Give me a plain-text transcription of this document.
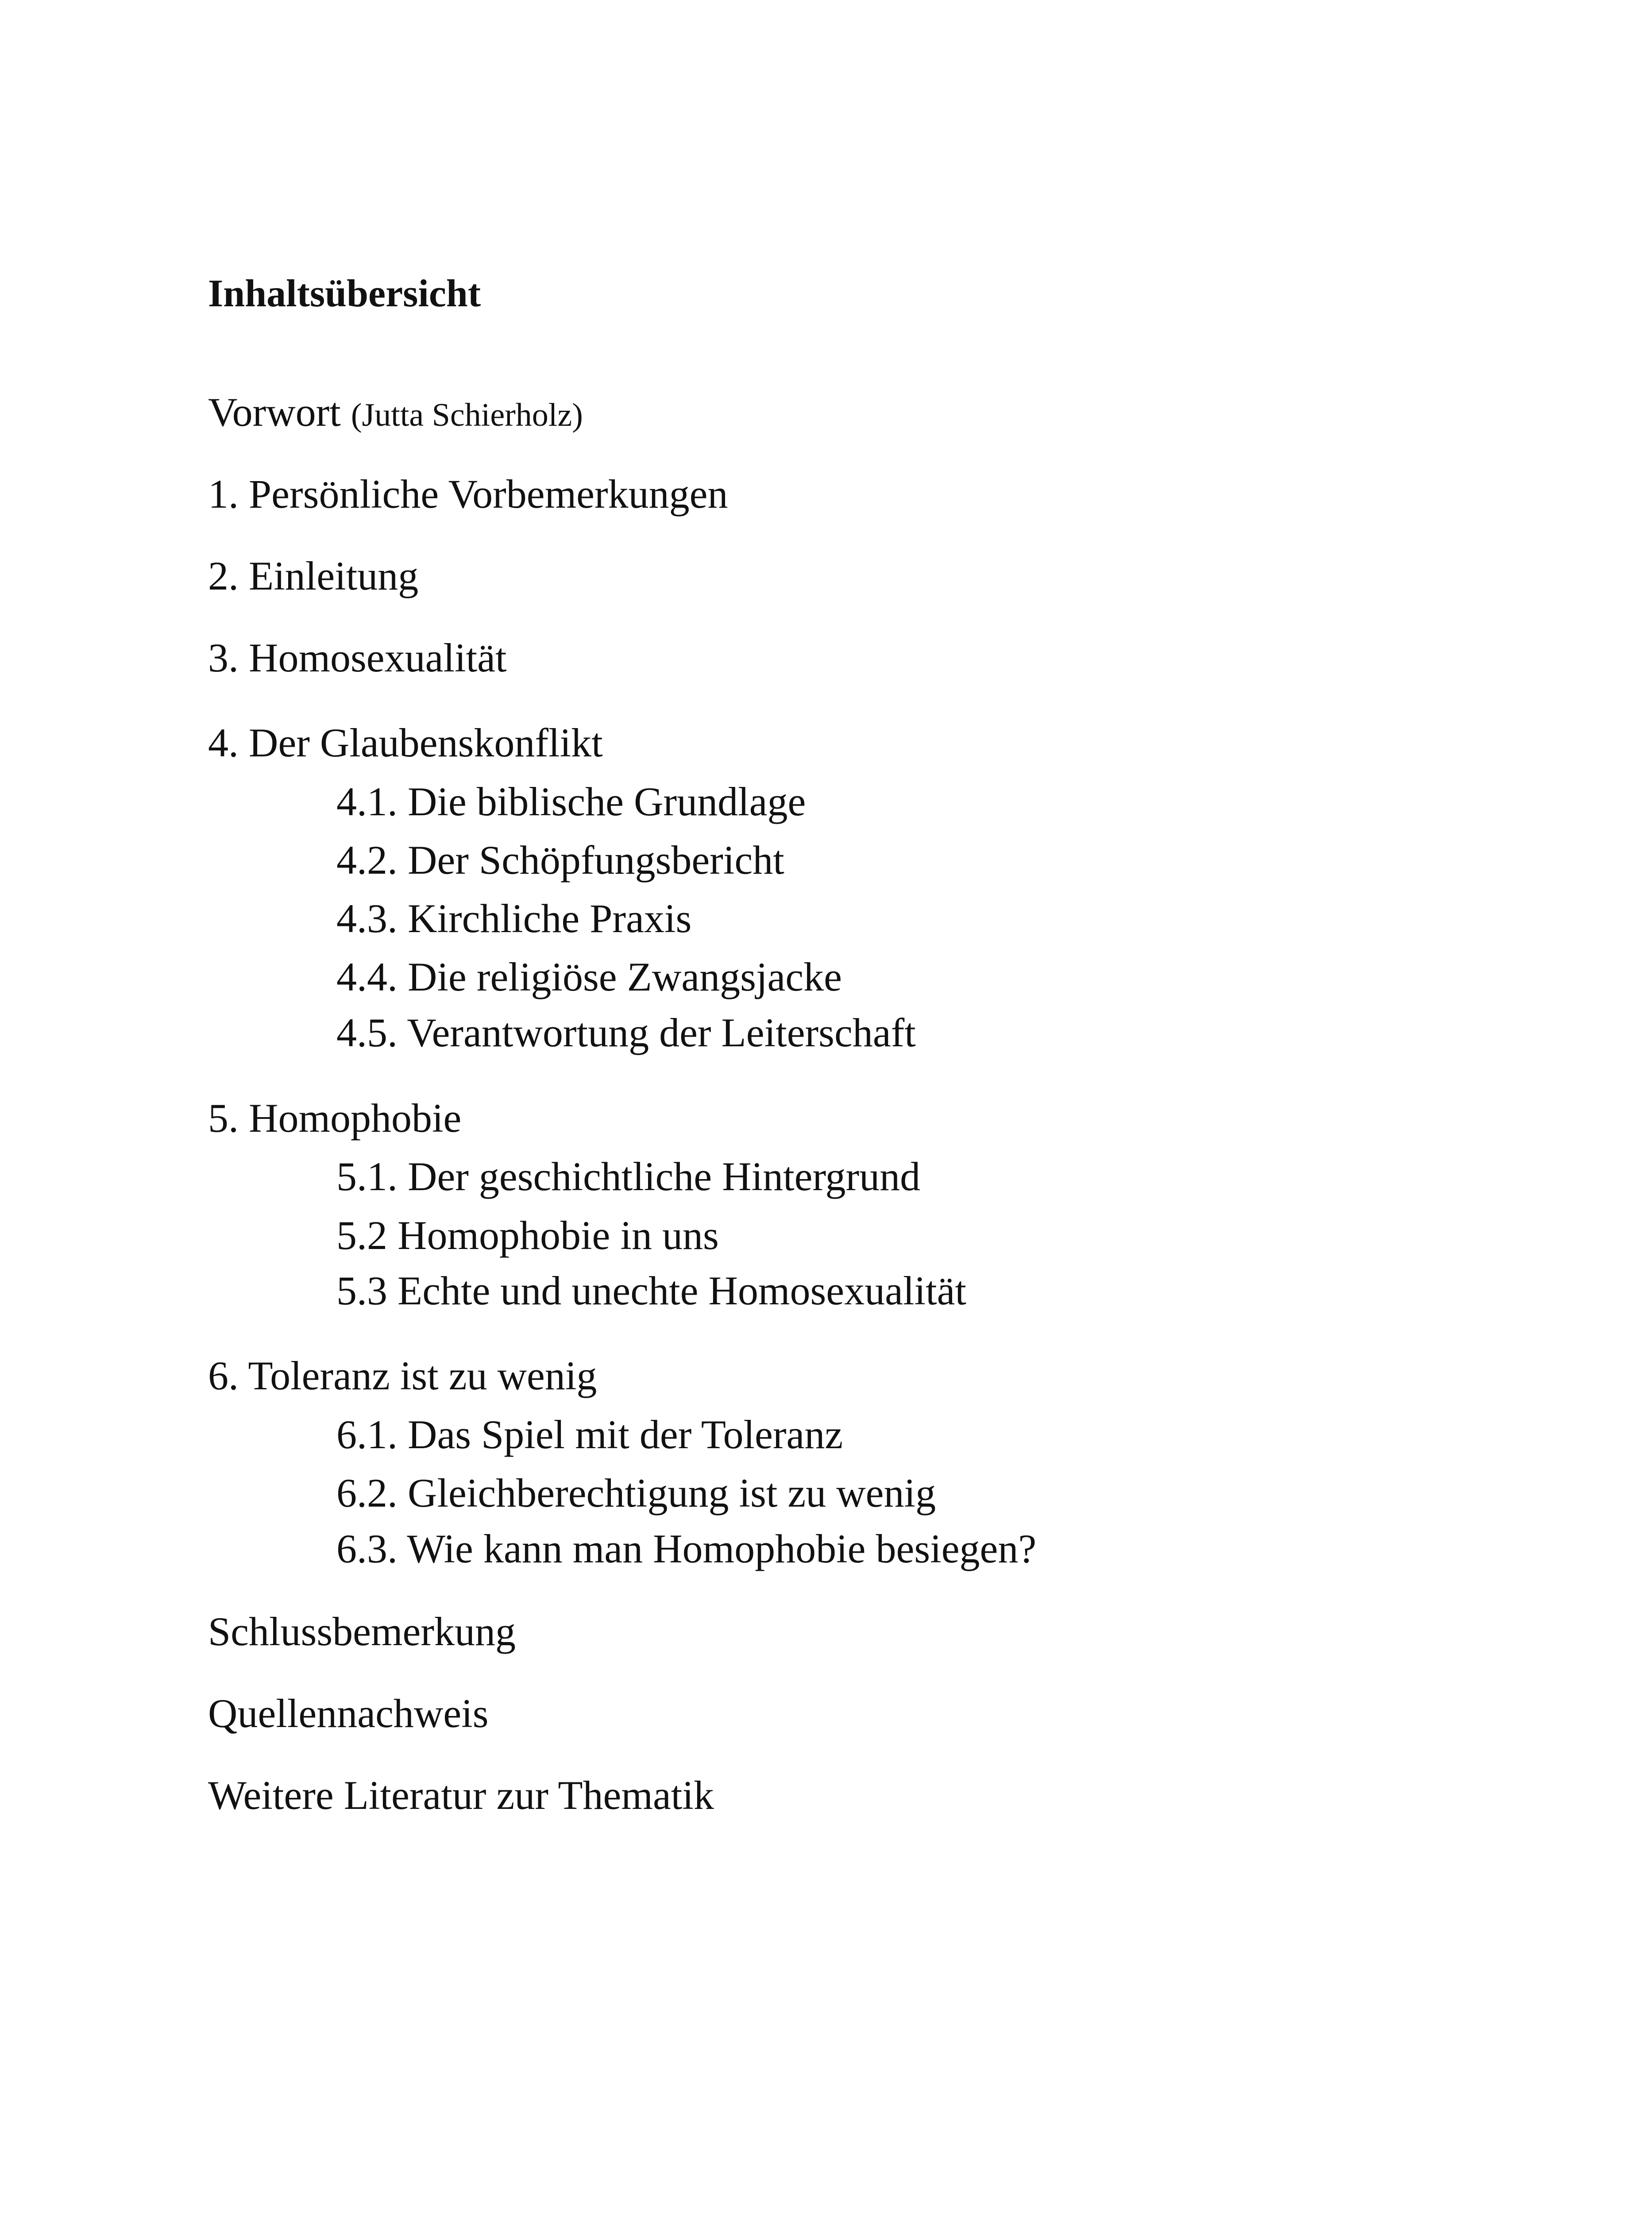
Inhaltsübersicht
Vorwort (Jutta Schierholz)
1. Persönliche Vorbemerkungen
2. Einleitung
3. Homosexualität
4. Der Glaubenskonflikt
4.1. Die biblische Grundlage
4.2. Der Schöpfungsbericht
4.3. Kirchliche Praxis
4.4. Die religiöse Zwangsjacke
4.5. Verantwortung der Leiterschaft
5. Homophobie
5.1. Der geschichtliche Hintergrund
5.2 Homophobie in uns
5.3 Echte und unechte Homosexualität
6. Toleranz ist zu wenig
6.1. Das Spiel mit der Toleranz
6.2. Gleichberechtigung ist zu wenig
6.3. Wie kann man Homophobie besiegen?
Schlussbemerkung
Quellennachweis
Weitere Literatur zur Thematik
